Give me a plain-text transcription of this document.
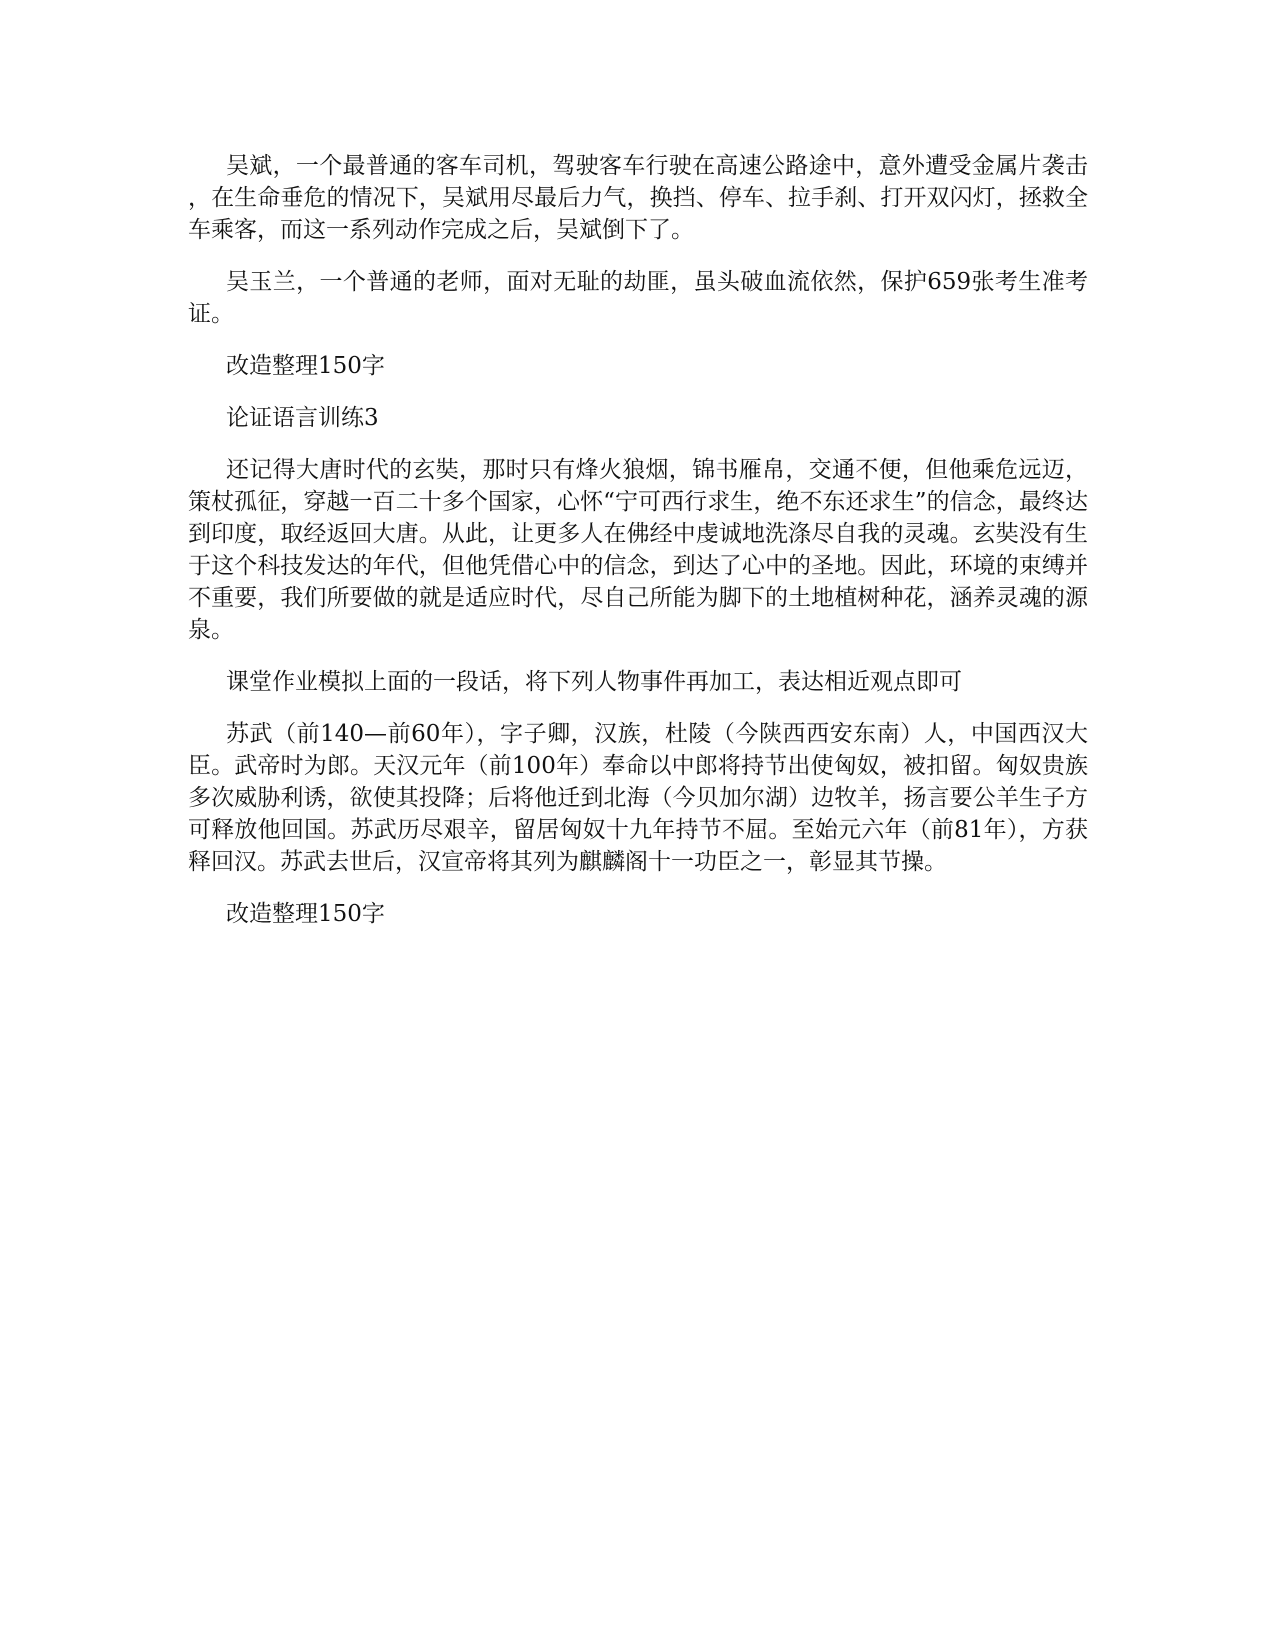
吴斌，一个最普通的客车司机，驾驶客车行驶在高速公路途中，意外遭受金属片袭击，在生命垂危的情况下，吴斌用尽最后力气，换挡、停车、拉手刹、打开双闪灯，拯救全车乘客，而这一系列动作完成之后，吴斌倒下了。

吴玉兰，一个普通的老师，面对无耻的劫匪，虽头破血流依然，保护659张考生准考证。

改造整理150字

论证语言训练3

还记得大唐时代的玄奘，那时只有烽火狼烟，锦书雁帛，交通不便，但他乘危远迈，策杖孤征，穿越一百二十多个国家，心怀“宁可西行求生，绝不东还求生”的信念，最终达到印度，取经返回大唐。从此，让更多人在佛经中虔诚地洗涤尽自我的灵魂。玄奘没有生于这个科技发达的年代，但他凭借心中的信念，到达了心中的圣地。因此，环境的束缚并不重要，我们所要做的就是适应时代，尽自己所能为脚下的土地植树种花，涵养灵魂的源泉。

课堂作业模拟上面的一段话，将下列人物事件再加工，表达相近观点即可

苏武（前140—前60年），字子卿，汉族，杜陵（今陕西西安东南）人，中国西汉大臣。武帝时为郎。天汉元年（前100年）奉命以中郎将持节出使匈奴，被扣留。匈奴贵族多次威胁利诱，欲使其投降；后将他迁到北海（今贝加尔湖）边牧羊，扬言要公羊生子方可释放他回国。苏武历尽艰辛，留居匈奴十九年持节不屈。至始元六年（前81年），方获释回汉。苏武去世后，汉宣帝将其列为麒麟阁十一功臣之一，彰显其节操。

改造整理150字
